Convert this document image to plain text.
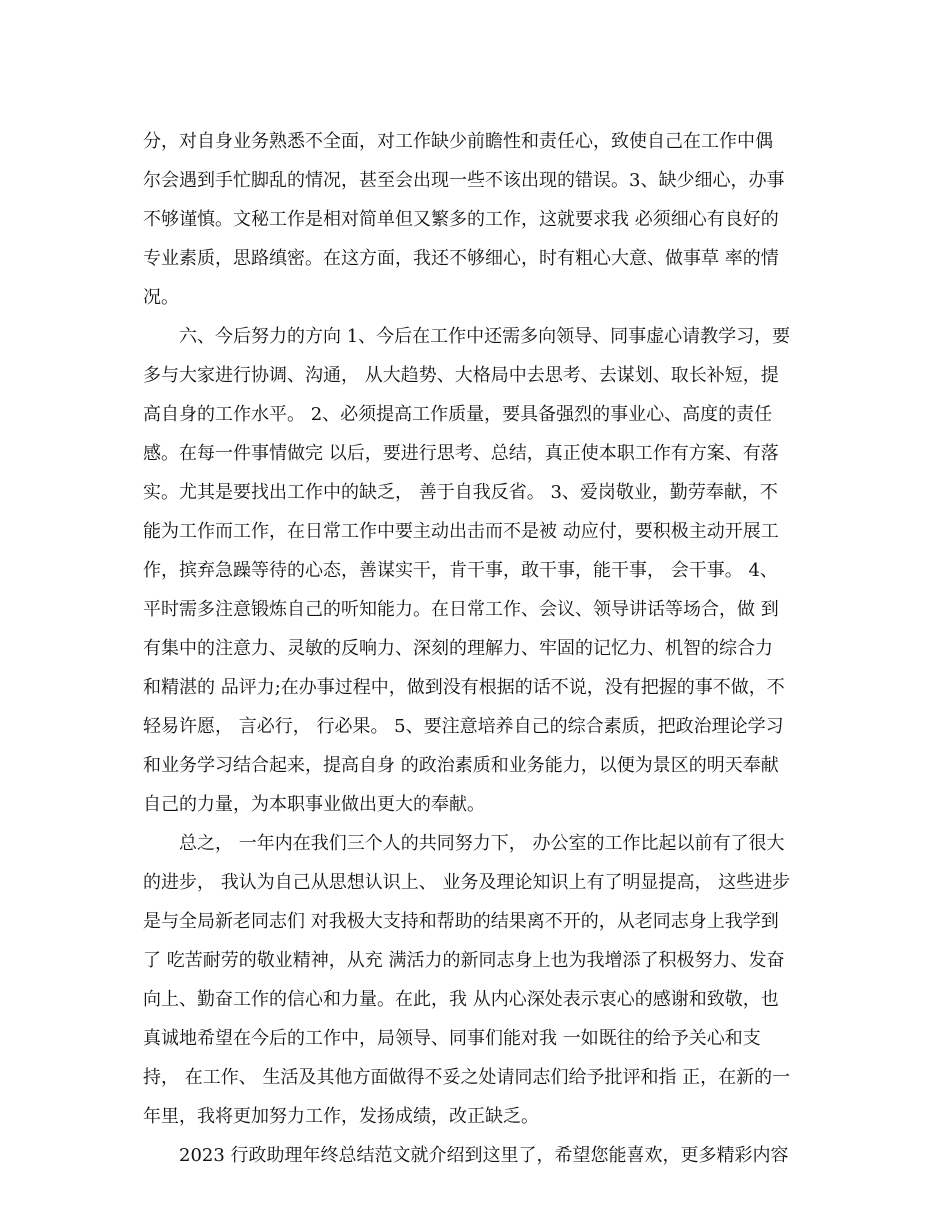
分，对自身业务熟悉不全面，对工作缺少前瞻性和责任心，致使自己在工作中偶
尔会遇到手忙脚乱的情况，甚至会出现一些不该出现的错误。3、缺少细心，办事
不够谨慎。文秘工作是相对简单但又繁多的工作，这就要求我 必须细心有良好的
专业素质，思路缜密。在这方面，我还不够细心，时有粗心大意、做事草 率的情
况。
六、今后努力的方向 1、今后在工作中还需多向领导、同事虚心请教学习，要
多与大家进行协调、沟通， 从大趋势、大格局中去思考、去谋划、取长补短，提
高自身的工作水平。 2、必须提高工作质量，要具备强烈的事业心、高度的责任
感。在每一件事情做完 以后，要进行思考、总结，真正使本职工作有方案、有落
实。尤其是要找出工作中的缺乏， 善于自我反省。 3、爱岗敬业，勤劳奉献，不
能为工作而工作，在日常工作中要主动出击而不是被 动应付，要积极主动开展工
作，摈弃急躁等待的心态，善谋实干，肯干事，敢干事，能干事， 会干事。 4、
平时需多注意锻炼自己的听知能力。在日常工作、会议、领导讲话等场合，做 到
有集中的注意力、灵敏的反响力、深刻的理解力、牢固的记忆力、机智的综合力
和精湛的 品评力;在办事过程中，做到没有根据的话不说，没有把握的事不做，不
轻易许愿， 言必行， 行必果。 5、要注意培养自己的综合素质，把政治理论学习
和业务学习结合起来，提高自身 的政治素质和业务能力，以便为景区的明天奉献
自己的力量，为本职事业做出更大的奉献。
总之， 一年内在我们三个人的共同努力下， 办公室的工作比起以前有了很大
的进步， 我认为自己从思想认识上、 业务及理论知识上有了明显提高， 这些进步
是与全局新老同志们 对我极大支持和帮助的结果离不开的，从老同志身上我学到
了 吃苦耐劳的敬业精神，从充 满活力的新同志身上也为我增添了积极努力、发奋
向上、勤奋工作的信心和力量。在此，我 从内心深处表示衷心的感谢和致敬，也
真诚地希望在今后的工作中，局领导、同事们能对我 一如既往的给予关心和支
持， 在工作、 生活及其他方面做得不妥之处请同志们给予批评和指 正，在新的一
年里，我将更加努力工作，发扬成绩，改正缺乏。
2023 行政助理年终总结范文就介绍到这里了，希望您能喜欢，更多精彩内容
